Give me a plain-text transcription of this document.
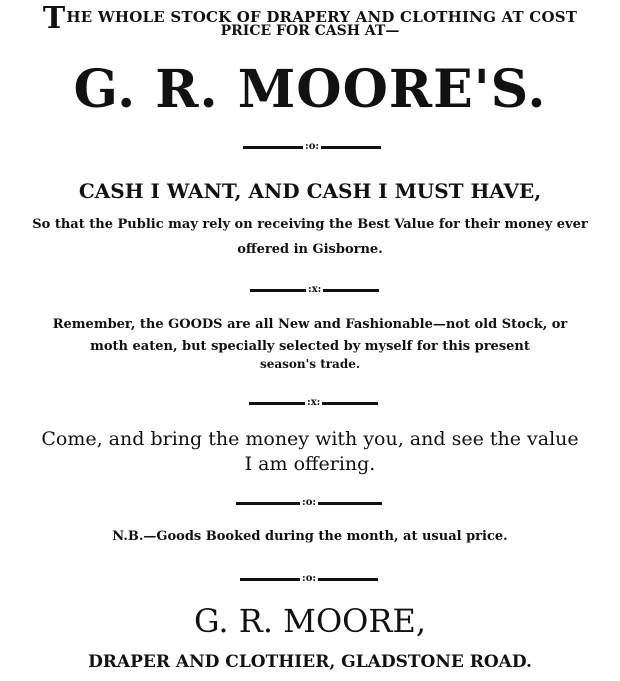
THE WHOLE STOCK OF DRAPERY AND CLOTHING AT COST
PRICE FOR CASH AT—
G. R. MOORE'S.
:o:
CASH I WANT, AND CASH I MUST HAVE,
So that the Public may rely on receiving the Best Value for their money ever
offered in Gisborne.
:x:
Remember, the GOODS are all New and Fashionable—not old Stock, or
moth eaten, but specially selected by myself for this present
season's trade.
:x:
Come, and bring the money with you, and see the value
I am offering.
:o:
N.B.—Goods Booked during the month, at usual price.
:o:
G. R. MOORE,
DRAPER AND CLOTHIER, GLADSTONE ROAD.
